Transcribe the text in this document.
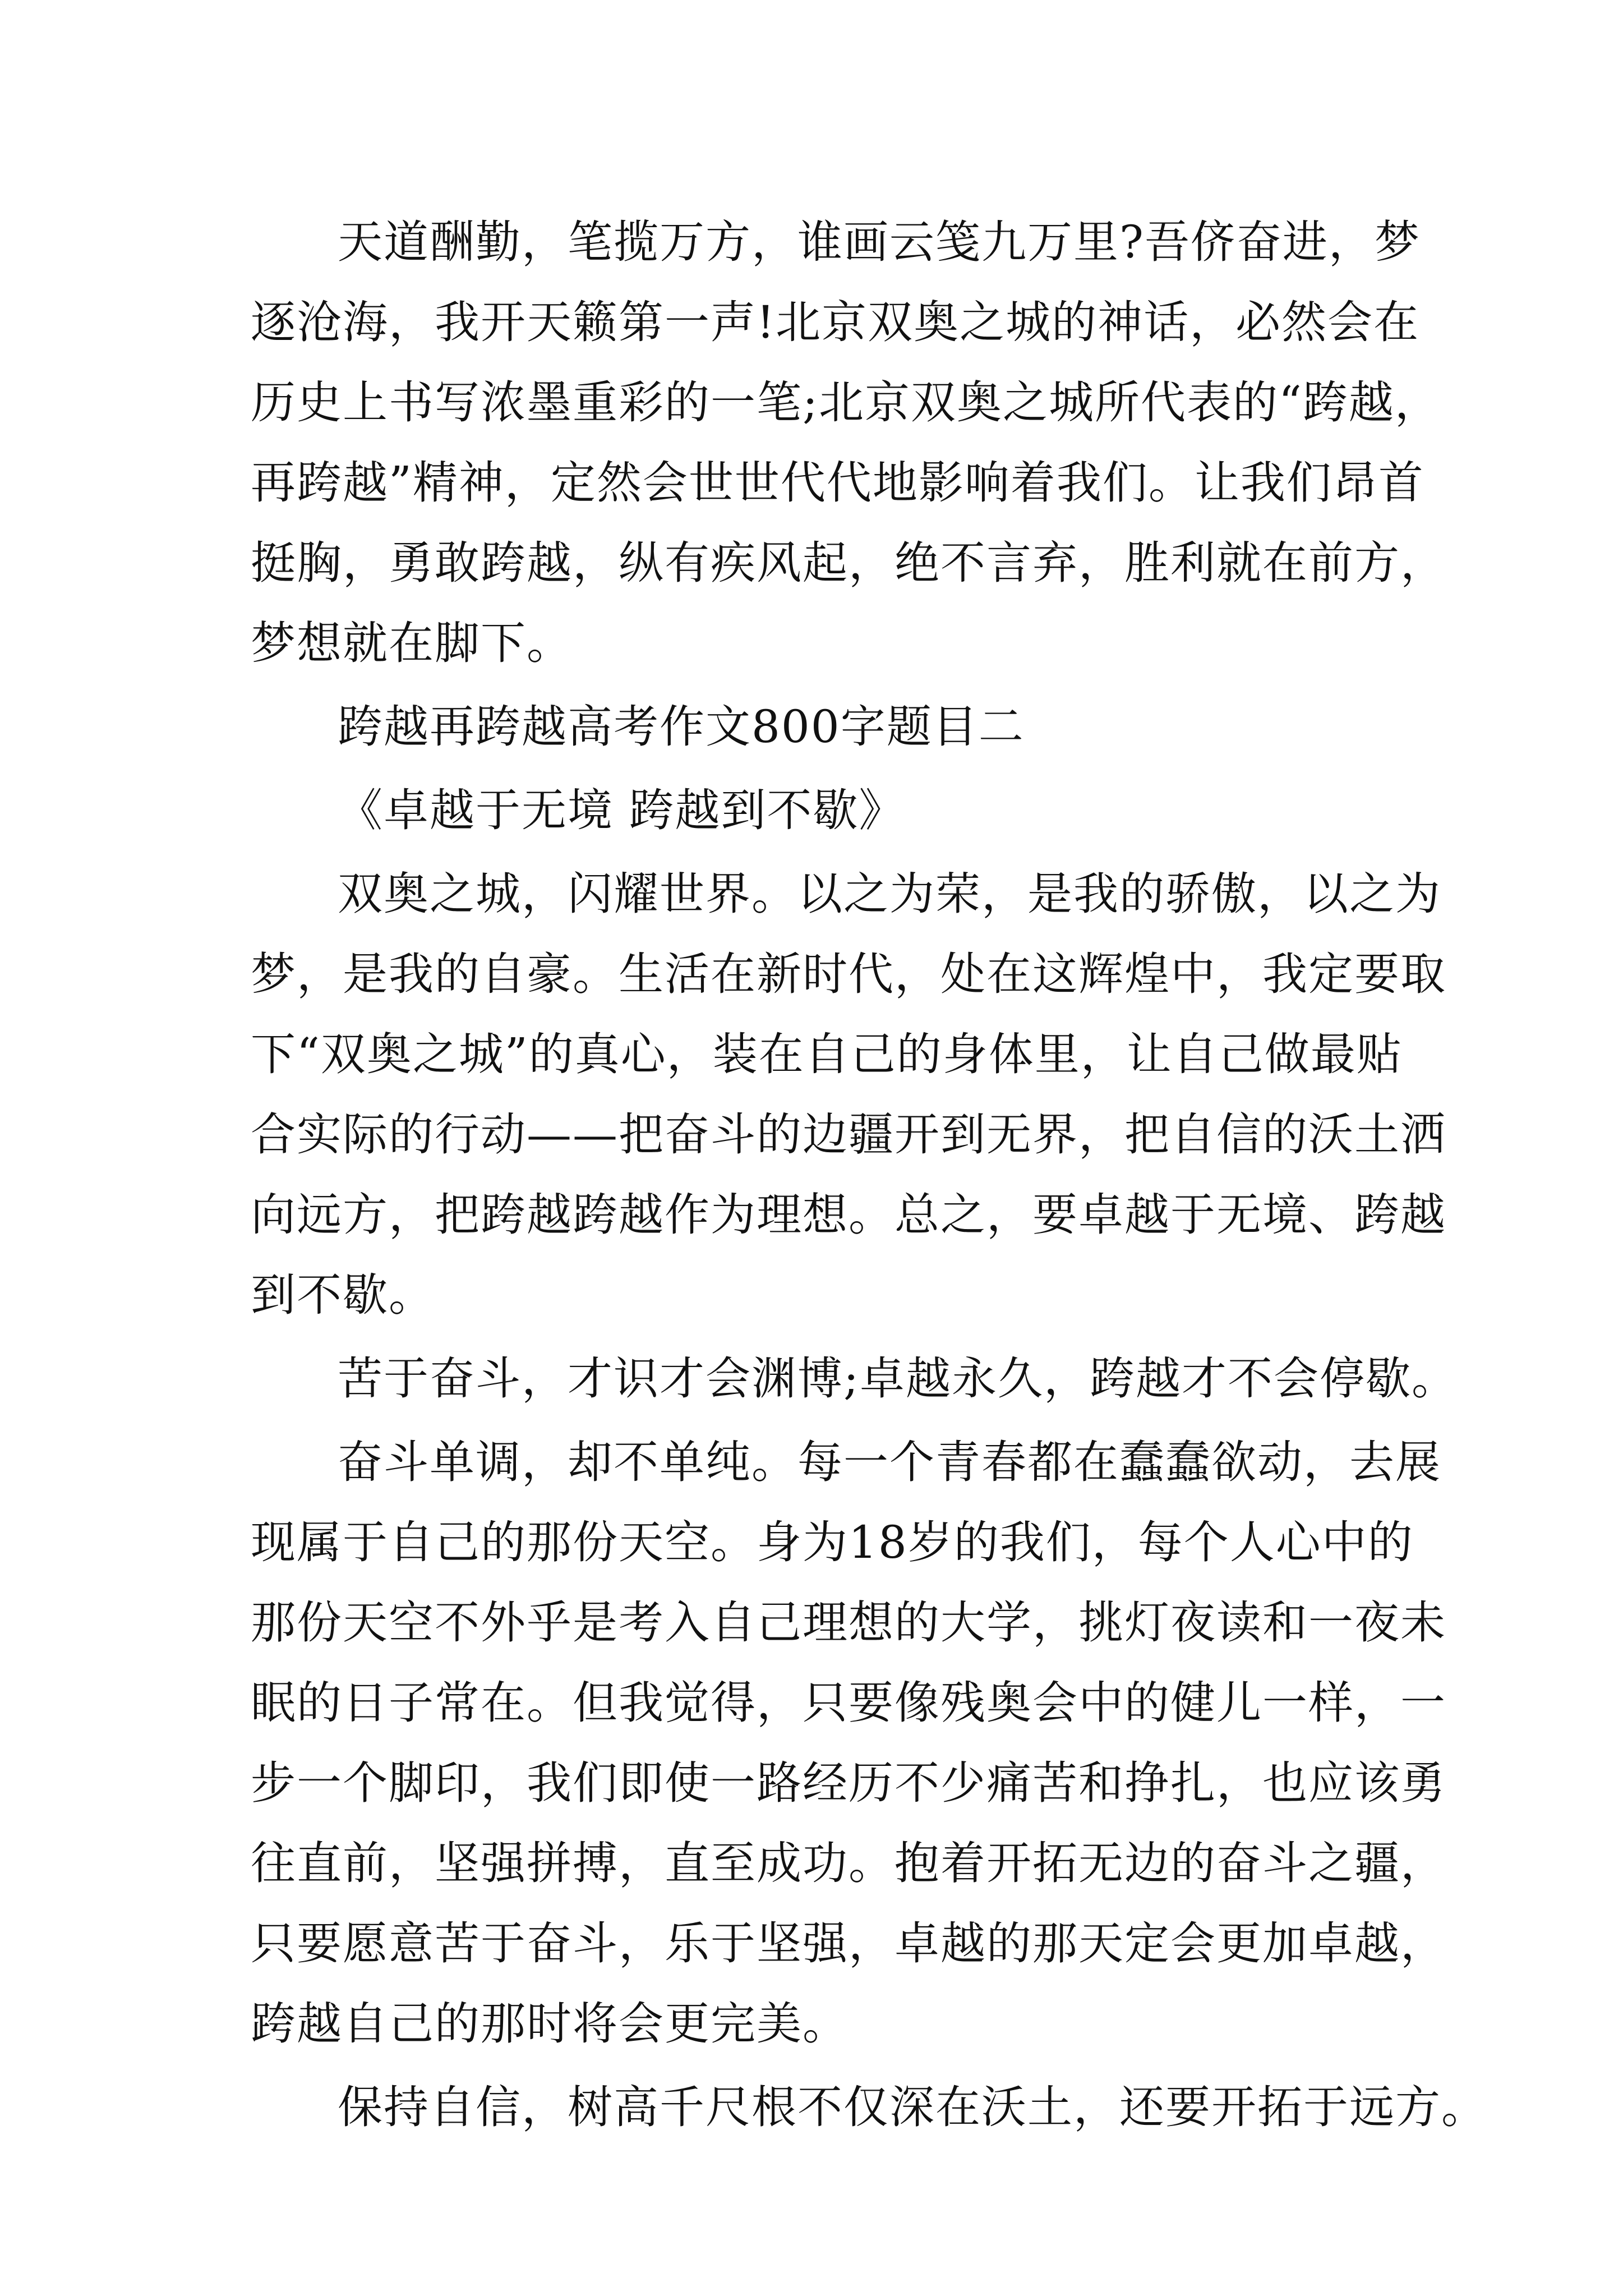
天道酬勤，笔揽万方，谁画云笺九万里?吾侪奋进，梦
逐沧海，我开天籁第一声!北京双奥之城的神话，必然会在
历史上书写浓墨重彩的一笔;北京双奥之城所代表的“跨越，
再跨越”精神，定然会世世代代地影响着我们。让我们昂首
挺胸，勇敢跨越，纵有疾风起，绝不言弃，胜利就在前方，
梦想就在脚下。
跨越再跨越高考作文800字题目二
《卓越于无境 跨越到不歇》
双奥之城，闪耀世界。以之为荣，是我的骄傲，以之为
梦，是我的自豪。生活在新时代，处在这辉煌中，我定要取
下“双奥之城”的真心，装在自己的身体里，让自己做最贴
合实际的行动——把奋斗的边疆开到无界，把自信的沃土洒
向远方，把跨越跨越作为理想。总之，要卓越于无境、跨越
到不歇。
苦于奋斗，才识才会渊博;卓越永久，跨越才不会停歇。
奋斗单调，却不单纯。每一个青春都在蠢蠢欲动，去展
现属于自己的那份天空。身为18岁的我们，每个人心中的
那份天空不外乎是考入自己理想的大学，挑灯夜读和一夜未
眠的日子常在。但我觉得，只要像残奥会中的健儿一样，一
步一个脚印，我们即使一路经历不少痛苦和挣扎，也应该勇
往直前，坚强拼搏，直至成功。抱着开拓无边的奋斗之疆，
只要愿意苦于奋斗，乐于坚强，卓越的那天定会更加卓越，
跨越自己的那时将会更完美。
保持自信，树高千尺根不仅深在沃土，还要开拓于远方。
